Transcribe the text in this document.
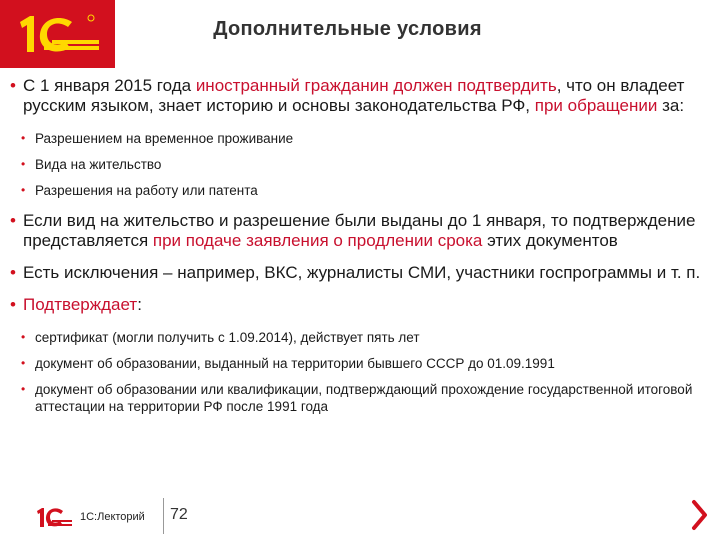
Дополнительные условия
• С 1 января 2015 года иностранный гражданин должен подтвердить, что он владеет русским языком, знает историю и основы законодательства РФ, при обращении за:
• Разрешением на временное проживание
• Вида на жительство
• Разрешения на работу или патента
• Если вид на жительство и разрешение были выданы до 1 января, то подтверждение представляется при подаче заявления о продлении срока этих документов
• Есть исключения – например, ВКС, журналисты СМИ, участники госпрограммы и т. п.
• Подтверждает:
• сертификат (могли получить с 1.09.2014), действует пять лет
• документ об образовании, выданный на территории бывшего СССР до 01.09.1991
• документ об образовании или квалификации, подтверждающий прохождение государственной итоговой аттестации на территории РФ после 1991 года
1С:Лекторий 72
